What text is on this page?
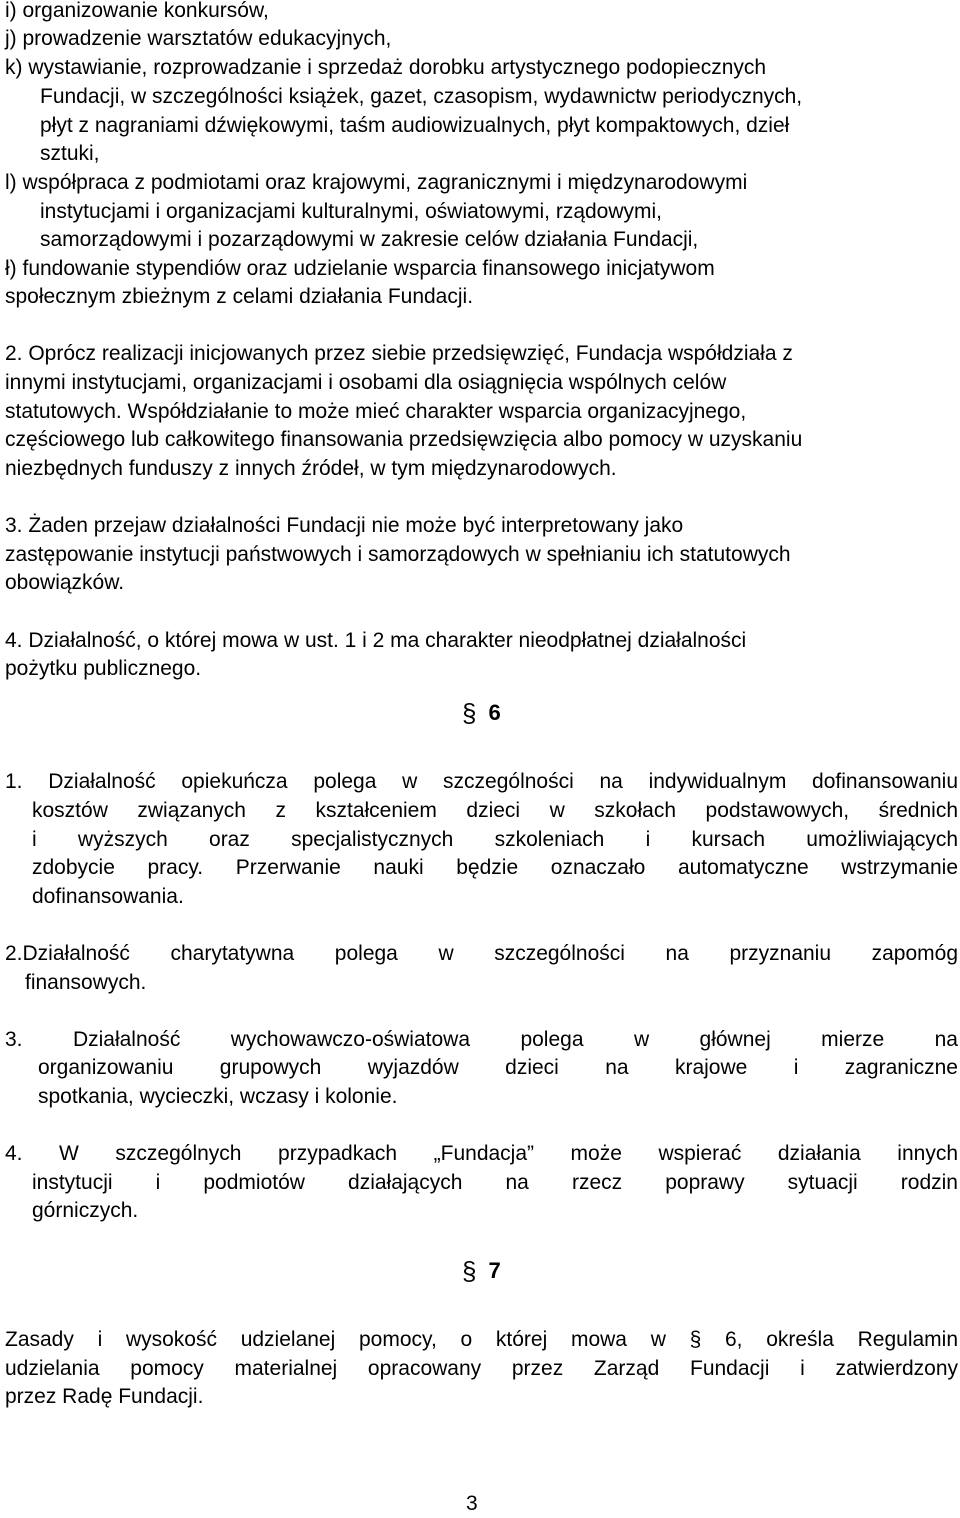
i) organizowanie konkursów,
j) prowadzenie warsztatów edukacyjnych,
k) wystawianie, rozprowadzanie i sprzedaż dorobku artystycznego podopiecznych
Fundacji, w szczególności książek, gazet, czasopism, wydawnictw periodycznych,
płyt z nagraniami dźwiękowymi, taśm audiowizualnych, płyt kompaktowych, dzieł
sztuki,
l) współpraca z podmiotami oraz krajowymi, zagranicznymi i międzynarodowymi
instytucjami i organizacjami kulturalnymi, oświatowymi, rządowymi,
samorządowymi i pozarządowymi w zakresie celów działania Fundacji,
ł) fundowanie stypendiów oraz udzielanie wsparcia finansowego inicjatywom
społecznym zbieżnym z celami działania Fundacji.
2. Oprócz realizacji inicjowanych przez siebie przedsięwzięć, Fundacja współdziała z
innymi instytucjami, organizacjami i osobami dla osiągnięcia wspólnych celów
statutowych. Współdziałanie to może mieć charakter wsparcia organizacyjnego,
częściowego lub całkowitego finansowania przedsięwzięcia albo pomocy w uzyskaniu
niezbędnych funduszy z innych źródeł, w tym międzynarodowych.
3. Żaden przejaw działalności Fundacji nie może być interpretowany jako
zastępowanie instytucji państwowych i samorządowych w spełnianiu ich statutowych
obowiązków.
4. Działalność, o której mowa w ust. 1 i 2 ma charakter nieodpłatnej działalności
pożytku publicznego.
§ 6
1. Działalność opiekuńcza polega w szczególności na indywidualnym dofinansowaniu
kosztów związanych z kształceniem dzieci w szkołach podstawowych, średnich
i wyższych oraz specjalistycznych szkoleniach i kursach umożliwiających
zdobycie pracy. Przerwanie nauki będzie oznaczało automatyczne wstrzymanie
dofinansowania.
2.Działalność charytatywna polega w szczególności na przyznaniu zapomóg
finansowych.
3. Działalność wychowawczo-oświatowa polega w głównej mierze na
organizowaniu grupowych wyjazdów dzieci na krajowe i zagraniczne
spotkania, wycieczki, wczasy i kolonie.
4. W szczególnych przypadkach „Fundacja” może wspierać działania innych
instytucji i podmiotów działających na rzecz poprawy sytuacji rodzin
górniczych.
§ 7
Zasady i wysokość udzielanej pomocy, o której mowa w § 6, określa Regulamin
udzielania pomocy materialnej opracowany przez Zarząd Fundacji i zatwierdzony
przez Radę Fundacji.
3
